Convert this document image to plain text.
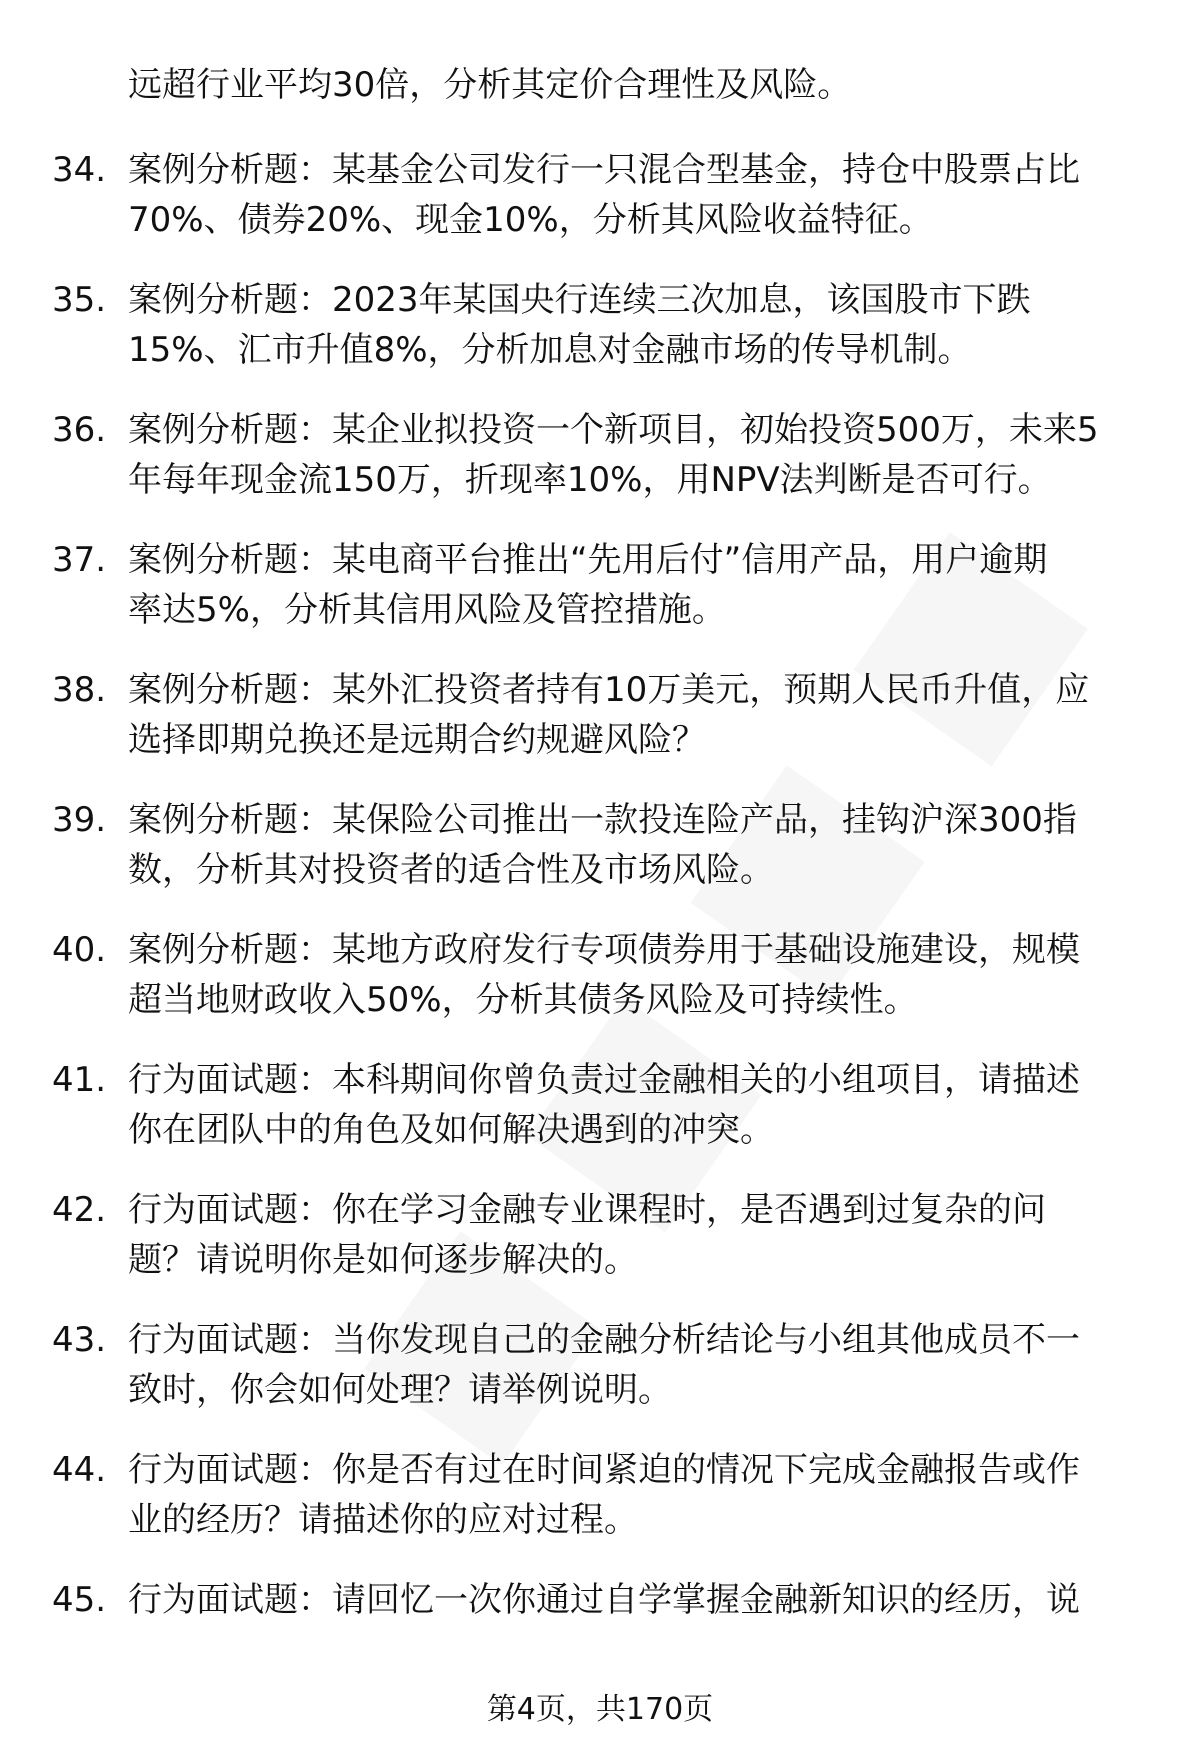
远超行业平均30倍，分析其定价合理性及风险。
34. 案例分析题：某基金公司发行一只混合型基金，持仓中股票占比
70%、债券20%、现金10%，分析其风险收益特征。
35. 案例分析题：2023年某国央行连续三次加息，该国股市下跌
15%、汇市升值8%，分析加息对金融市场的传导机制。
36. 案例分析题：某企业拟投资一个新项目，初始投资500万，未来5
年每年现金流150万，折现率10%，用NPV法判断是否可行。
37. 案例分析题：某电商平台推出“先用后付”信用产品，用户逾期
率达5%，分析其信用风险及管控措施。
38. 案例分析题：某外汇投资者持有10万美元，预期人民币升值，应
选择即期兑换还是远期合约规避风险？
39. 案例分析题：某保险公司推出一款投连险产品，挂钩沪深300指
数，分析其对投资者的适合性及市场风险。
40. 案例分析题：某地方政府发行专项债券用于基础设施建设，规模
超当地财政收入50%，分析其债务风险及可持续性。
41. 行为面试题：本科期间你曾负责过金融相关的小组项目，请描述
你在团队中的角色及如何解决遇到的冲突。
42. 行为面试题：你在学习金融专业课程时，是否遇到过复杂的问
题？请说明你是如何逐步解决的。
43. 行为面试题：当你发现自己的金融分析结论与小组其他成员不一
致时，你会如何处理？请举例说明。
44. 行为面试题：你是否有过在时间紧迫的情况下完成金融报告或作
业的经历？请描述你的应对过程。
45. 行为面试题：请回忆一次你通过自学掌握金融新知识的经历，说
第4页，共170页
